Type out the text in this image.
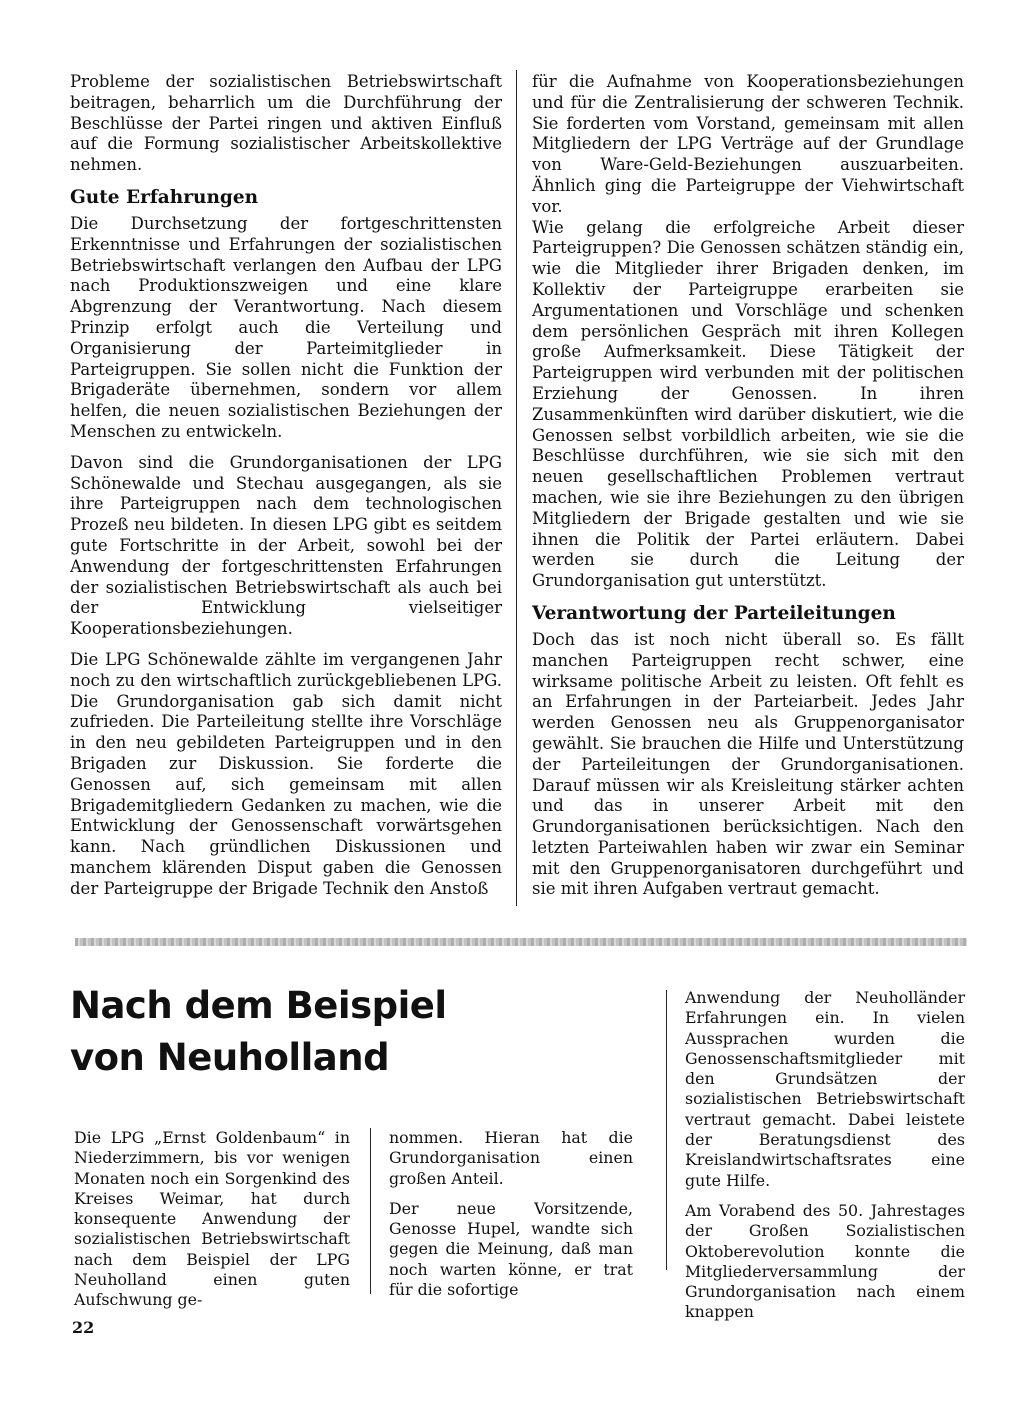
Probleme der sozialistischen Betriebswirtschaft beitragen, beharrlich um die Durchführung der Beschlüsse der Partei ringen und aktiven Einfluß auf die Formung sozialistischer Arbeitskollektive nehmen.

Gute Erfahrungen

Die Durchsetzung der fortgeschrittensten Erkenntnisse und Erfahrungen der sozialistischen Betriebswirtschaft verlangen den Aufbau der LPG nach Produktionszweigen und eine klare Abgrenzung der Verantwortung. Nach diesem Prinzip erfolgt auch die Verteilung und Organisierung der Parteimitglieder in Parteigruppen. Sie sollen nicht die Funktion der Brigaderäte übernehmen, sondern vor allem helfen, die neuen sozialistischen Beziehungen der Menschen zu entwickeln.

Davon sind die Grundorganisationen der LPG Schönewalde und Stechau ausgegangen, als sie ihre Parteigruppen nach dem technologischen Prozeß neu bildeten. In diesen LPG gibt es seitdem gute Fortschritte in der Arbeit, sowohl bei der Anwendung der fortgeschrittensten Erfahrungen der sozialistischen Betriebswirtschaft als auch bei der Entwicklung vielseitiger Kooperationsbeziehungen.

Die LPG Schönewalde zählte im vergangenen Jahr noch zu den wirtschaftlich zurückgebliebenen LPG. Die Grundorganisation gab sich damit nicht zufrieden. Die Parteileitung stellte ihre Vorschläge in den neu gebildeten Parteigruppen und in den Brigaden zur Diskussion. Sie forderte die Genossen auf, sich gemeinsam mit allen Brigademitgliedern Gedanken zu machen, wie die Entwicklung der Genossenschaft vorwärtsgehen kann. Nach gründlichen Diskussionen und manchem klärenden Disput gaben die Genossen der Parteigruppe der Brigade Technik den Anstoß

für die Aufnahme von Kooperationsbeziehungen und für die Zentralisierung der schweren Technik. Sie forderten vom Vorstand, gemeinsam mit allen Mitgliedern der LPG Verträge auf der Grundlage von Ware-Geld-Beziehungen auszuarbeiten. Ähnlich ging die Parteigruppe der Viehwirtschaft vor.

Wie gelang die erfolgreiche Arbeit dieser Parteigruppen? Die Genossen schätzen ständig ein, wie die Mitglieder ihrer Brigaden denken, im Kollektiv der Parteigruppe erarbeiten sie Argumentationen und Vorschläge und schenken dem persönlichen Gespräch mit ihren Kollegen große Aufmerksamkeit. Diese Tätigkeit der Parteigruppen wird verbunden mit der politischen Erziehung der Genossen. In ihren Zusammenkünften wird darüber diskutiert, wie die Genossen selbst vorbildlich arbeiten, wie sie die Beschlüsse durchführen, wie sie sich mit den neuen gesellschaftlichen Problemen vertraut machen, wie sie ihre Beziehungen zu den übrigen Mitgliedern der Brigade gestalten und wie sie ihnen die Politik der Partei erläutern. Dabei werden sie durch die Leitung der Grundorganisation gut unterstützt.

Verantwortung der Parteileitungen

Doch das ist noch nicht überall so. Es fällt manchen Parteigruppen recht schwer, eine wirksame politische Arbeit zu leisten. Oft fehlt es an Erfahrungen in der Parteiarbeit. Jedes Jahr werden Genossen neu als Gruppenorganisator gewählt. Sie brauchen die Hilfe und Unterstützung der Parteileitungen der Grundorganisationen. Darauf müssen wir als Kreisleitung stärker achten und das in unserer Arbeit mit den Grundorganisationen berücksichtigen. Nach den letzten Parteiwahlen haben wir zwar ein Seminar mit den Gruppenorganisatoren durchgeführt und sie mit ihren Aufgaben vertraut gemacht.

Nach dem Beispiel
von Neuholland

Die LPG „Ernst Goldenbaum“ in Niederzimmern, bis vor wenigen Monaten noch ein Sorgenkind des Kreises Weimar, hat durch konsequente Anwendung der sozialistischen Betriebswirtschaft nach dem Beispiel der LPG Neuholland einen guten Aufschwung ge-

nommen. Hieran hat die Grundorganisation einen großen Anteil.

Der neue Vorsitzende, Genosse Hupel, wandte sich gegen die Meinung, daß man noch warten könne, er trat für die sofortige

Anwendung der Neuholländer Erfahrungen ein. In vielen Aussprachen wurden die Genossenschaftsmitglieder mit den Grundsätzen der sozialistischen Betriebswirtschaft vertraut gemacht. Dabei leistete der Beratungsdienst des Kreislandwirtschaftsrates eine gute Hilfe.

Am Vorabend des 50. Jahrestages der Großen Sozialistischen Oktoberevolution konnte die Mitgliederversammlung der Grundorganisation nach einem knappen

22
